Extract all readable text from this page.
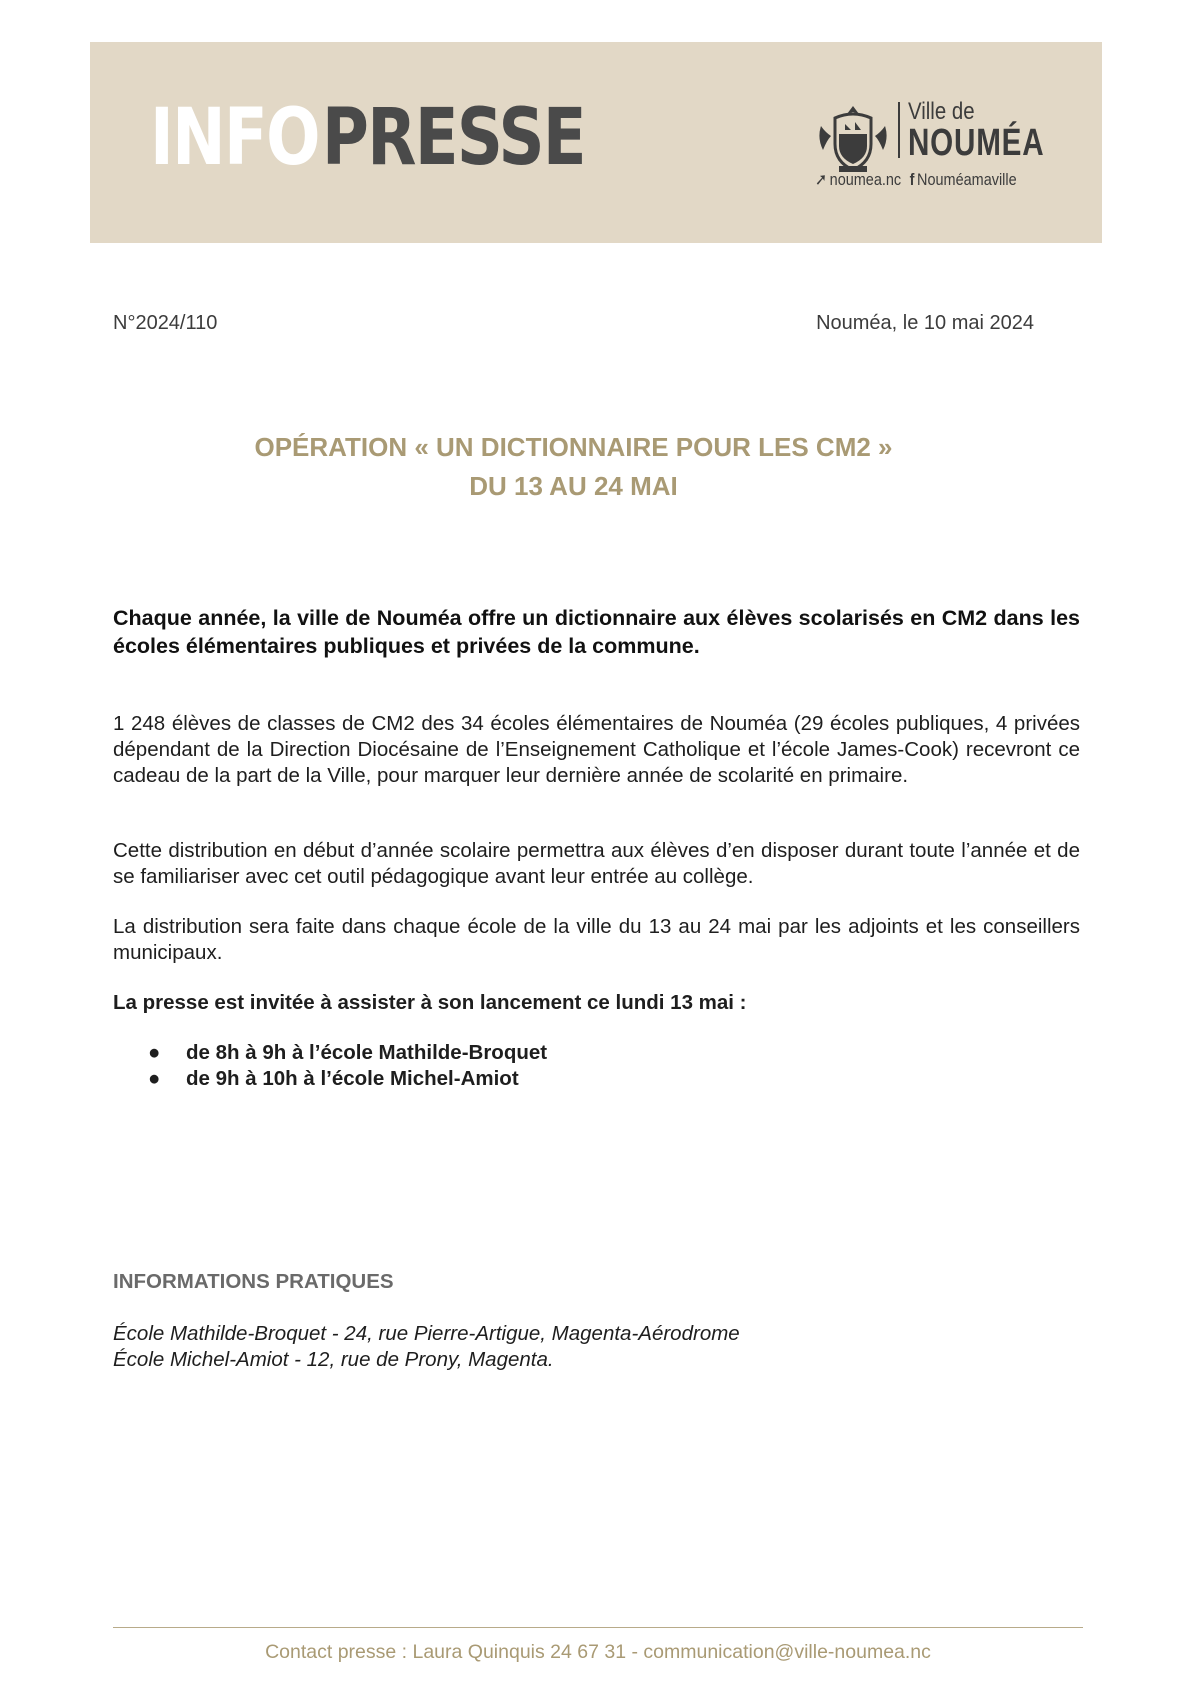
INFO PRESSE	Ville de
NOUMÉA
➚ noumea.nc f Nouméamaville
N°2024/110	Nouméa, le 10 mai 2024
OPÉRATION « UN DICTIONNAIRE POUR LES CM2 »
DU 13 AU 24 MAI
Chaque année, la ville de Nouméa offre un dictionnaire aux élèves scolarisés en CM2 dans les écoles élémentaires publiques et privées de la commune.
1 248 élèves de classes de CM2 des 34 écoles élémentaires de Nouméa (29 écoles publiques, 4 privées dépendant de la Direction Diocésaine de l’Enseignement Catholique et l’école James-Cook) recevront ce cadeau de la part de la Ville, pour marquer leur dernière année de scolarité en primaire.
Cette distribution en début d’année scolaire permettra aux élèves d’en disposer durant toute l’année et de se familiariser avec cet outil pédagogique avant leur entrée au collège.
La distribution sera faite dans chaque école de la ville du 13 au 24 mai par les adjoints et les conseillers municipaux.
La presse est invitée à assister à son lancement ce lundi 13 mai :
● de 8h à 9h à l’école Mathilde-Broquet
● de 9h à 10h à l’école Michel-Amiot
INFORMATIONS PRATIQUES
École Mathilde-Broquet - 24, rue Pierre-Artigue, Magenta-Aérodrome
École Michel-Amiot - 12, rue de Prony, Magenta.
Contact presse : Laura Quinquis 24 67 31 - communication@ville-noumea.nc
